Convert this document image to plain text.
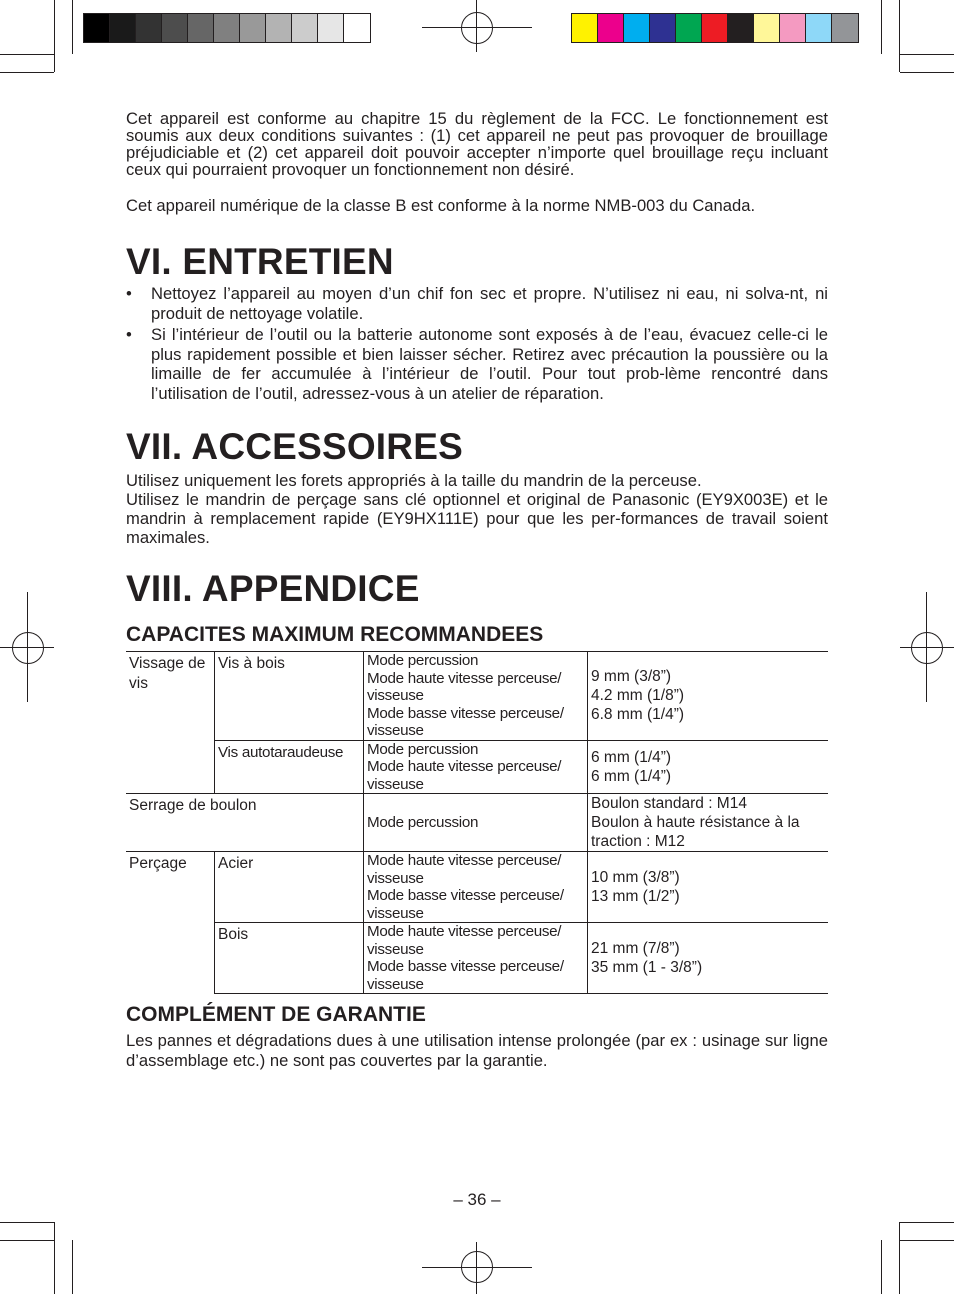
Cet appareil est conforme au chapitre 15 du règlement de la FCC. Le fonctionnement est soumis aux deux conditions suivantes : (1) cet appareil ne peut pas provoquer de brouillage préjudiciable et (2) cet appareil doit pouvoir accepter n’importe quel brouillage reçu incluant ceux qui pourraient provoquer un fonctionnement non désiré.

Cet appareil numérique de la classe B est conforme à la norme NMB-003 du Canada.

VI. ENTRETIEN
• Nettoyez l’appareil au moyen d’un chif fon sec et propre. N’utilisez ni eau, ni solva-nt, ni produit de nettoyage volatile.
• Si l’intérieur de l’outil ou la batterie autonome sont exposés à de l’eau, évacuez celle-ci le plus rapidement possible et bien laisser sécher. Retirez avec précaution la poussière ou la limaille de fer accumulée à l’intérieur de l’outil. Pour tout prob-lème rencontré dans l’utilisation de l’outil, adressez-vous à un atelier de réparation.
VII. ACCESSOIRES

Utilisez uniquement les forets appropriés à la taille du mandrin de la perceuse.

Utilisez le mandrin de perçage sans clé optionnel et original de Panasonic (EY9X003E) et le mandrin à remplacement rapide (EY9HX111E) pour que les per-formances de travail soient maximales.

VIII. APPENDICE
CAPACITES MAXIMUM RECOMMANDEES
Vissage de vis	Vis à bois	Mode percussion
Mode haute vitesse perceuse/ visseuse
Mode basse vitesse perceuse/ visseuse	9 mm (3/8”)
4.2 mm (1/8”)
6.8 mm (1/4”)

	Vis autotaraudeuse	Mode percussion
Mode haute vitesse perceuse/ visseuse	6 mm (1/4”)
6 mm (1/4”)

Serrage de boulon		Mode percussion	Boulon standard : M14
Boulon à haute résistance à la traction : M12

Perçage	Acier	Mode haute vitesse perceuse/ visseuse
Mode basse vitesse perceuse/ visseuse	10 mm (3/8”)
13 mm (1/2”)

	Bois	Mode haute vitesse perceuse/ visseuse
Mode basse vitesse perceuse/ visseuse	21 mm (7/8”)
35 mm (1 - 3/8”)
COMPLÉMENT DE GARANTIE

Les pannes et dégradations dues à une utilisation intense prolongée (par ex : usinage sur ligne d’assemblage etc.) ne sont pas couvertes par la garantie.

– 36 –
